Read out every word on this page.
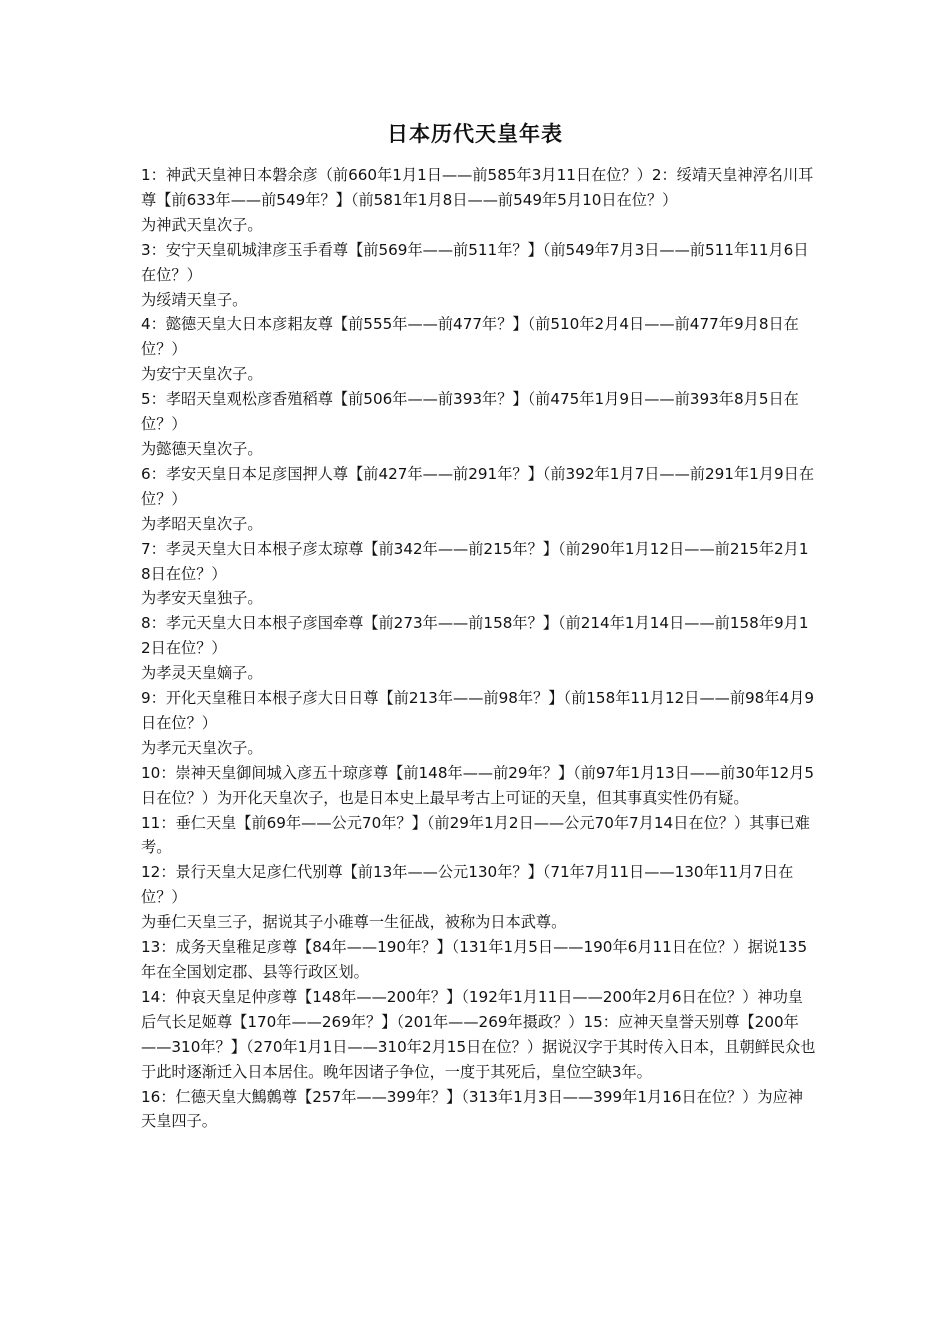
日本历代天皇年表

1：神武天皇神日本磐余彦（前660年1月1日——前585年3月11日在位？）2：绥靖天皇神渟名川耳尊【前633年——前549年？】（前581年1月8日——前549年5月10日在位？）

为神武天皇次子。

3：安宁天皇矶城津彦玉手看尊【前569年——前511年？】（前549年7月3日——前511年11月6日在位？）

为绥靖天皇子。

4：懿德天皇大日本彦耜友尊【前555年——前477年？】（前510年2月4日——前477年9月8日在位？）

为安宁天皇次子。

5：孝昭天皇观松彦香殖稻尊【前506年——前393年？】（前475年1月9日——前393年8月5日在位？）

为懿德天皇次子。

6：孝安天皇日本足彦国押人尊【前427年——前291年？】（前392年1月7日——前291年1月9日在位？）

为孝昭天皇次子。

7：孝灵天皇大日本根子彦太琼尊【前342年——前215年？】（前290年1月12日——前215年2月18日在位？）

为孝安天皇独子。

8：孝元天皇大日本根子彦国牵尊【前273年——前158年？】（前214年1月14日——前158年9月12日在位？）

为孝灵天皇嫡子。

9：开化天皇稚日本根子彦大日日尊【前213年——前98年？】（前158年11月12日——前98年4月9日在位？）

为孝元天皇次子。

10：崇神天皇御间城入彦五十琼彦尊【前148年——前29年？】（前97年1月13日——前30年12月5日在位？）为开化天皇次子，也是日本史上最早考古上可证的天皇，但其事真实性仍有疑。

11：垂仁天皇【前69年——公元70年？】（前29年1月2日——公元70年7月14日在位？）其事已难考。

12：景行天皇大足彦仁代别尊【前13年——公元130年？】（71年7月11日——130年11月7日在位？）

为垂仁天皇三子，据说其子小碓尊一生征战，被称为日本武尊。

13：成务天皇稚足彦尊【84年——190年？】（131年1月5日——190年6月11日在位？）据说135年在全国划定郡、县等行政区划。

14：仲哀天皇足仲彦尊【148年——200年？】（192年1月11日——200年2月6日在位？）神功皇后气长足姬尊【170年——269年？】（201年——269年摄政？）15：应神天皇誉天别尊【200年——310年？】（270年1月1日——310年2月15日在位？）据说汉字于其时传入日本，且朝鲜民众也于此时逐渐迁入日本居住。晚年因诸子争位，一度于其死后，皇位空缺3年。

16：仁德天皇大鷦鷯尊【257年——399年？】（313年1月3日——399年1月16日在位？）为应神天皇四子。
